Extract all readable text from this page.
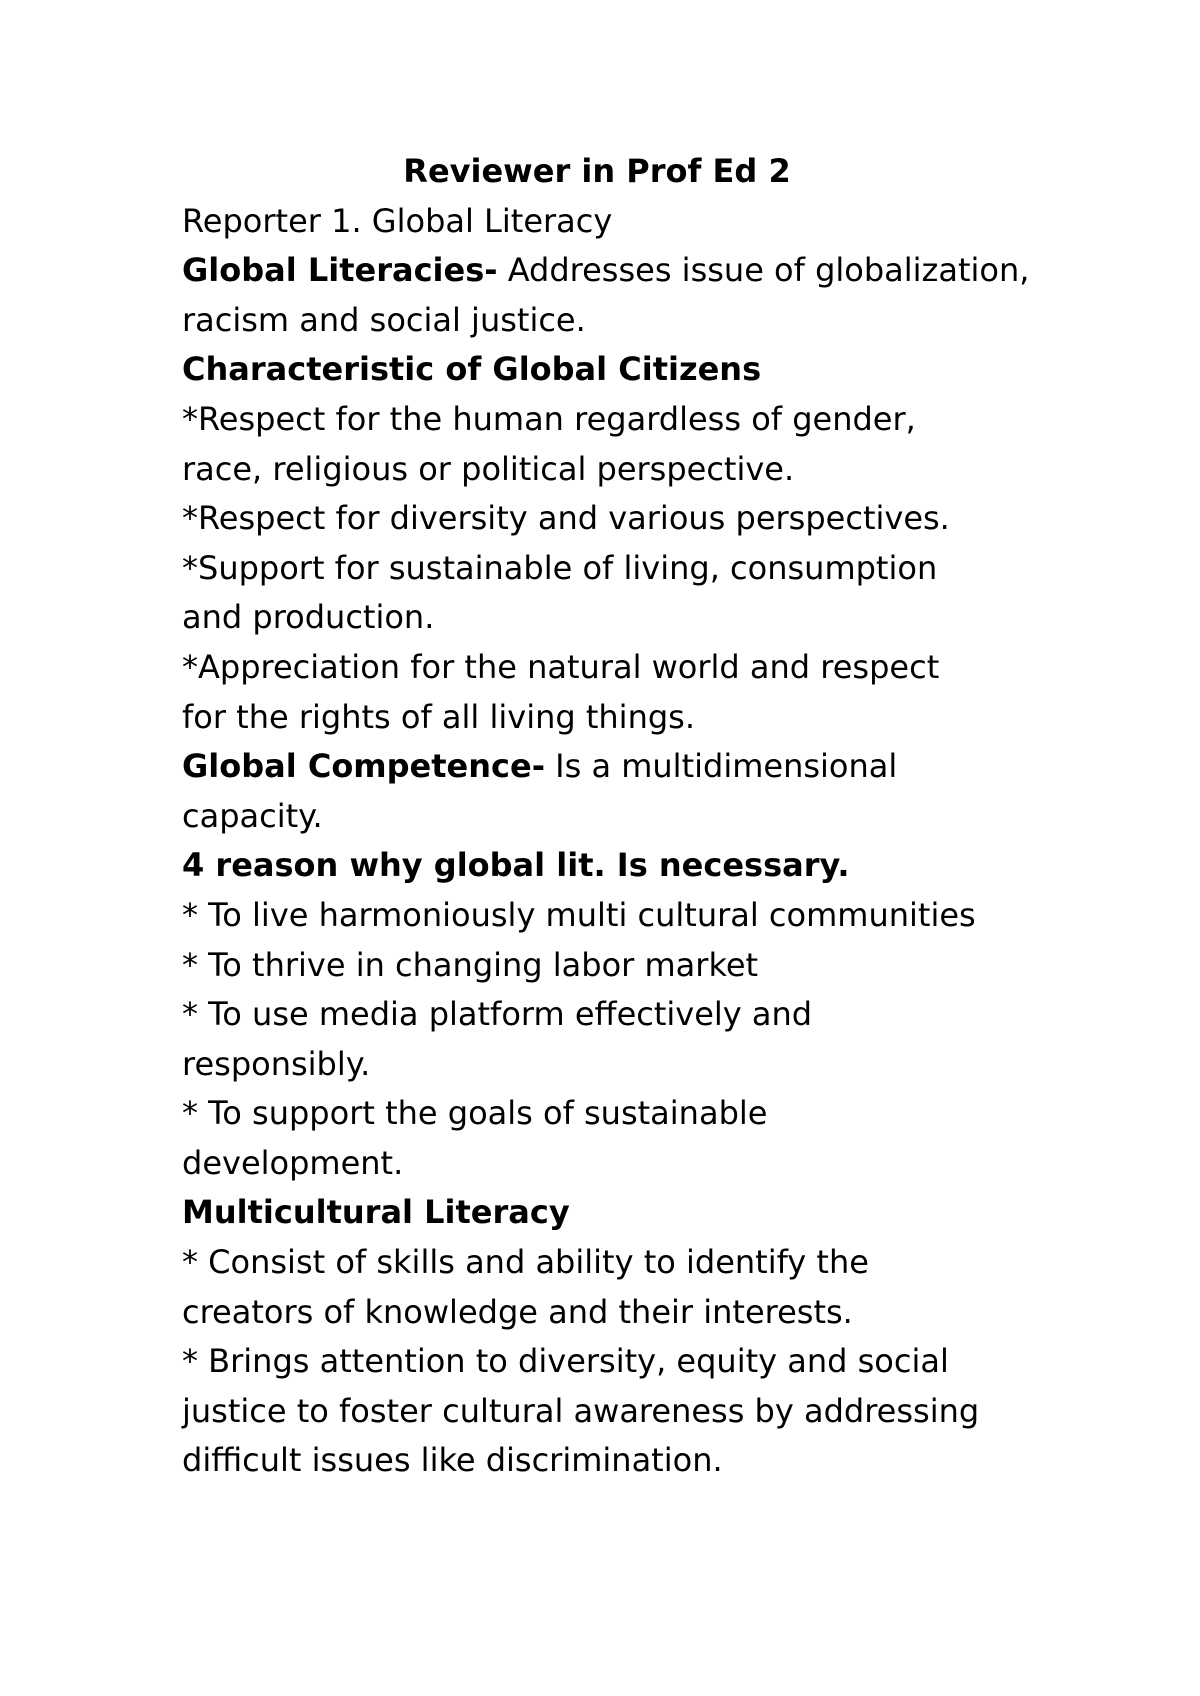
Reviewer in Prof Ed 2

Reporter 1. Global Literacy

Global Literacies- Addresses issue of globalization,

racism and social justice.

Characteristic of Global Citizens

*Respect for the human regardless of gender,

race, religious or political perspective.

*Respect for diversity and various perspectives.

*Support for sustainable of living, consumption

and production.

*Appreciation for the natural world and respect

for the rights of all living things.

Global Competence- Is a multidimensional

capacity.

4 reason why global lit. Is necessary.

* To live harmoniously multi cultural communities

* To thrive in changing labor market

* To use media platform effectively and

responsibly.

* To support the goals of sustainable

development.

Multicultural Literacy

* Consist of skills and ability to identify the

creators of knowledge and their interests.

* Brings attention to diversity, equity and social

justice to foster cultural awareness by addressing

difficult issues like discrimination.
